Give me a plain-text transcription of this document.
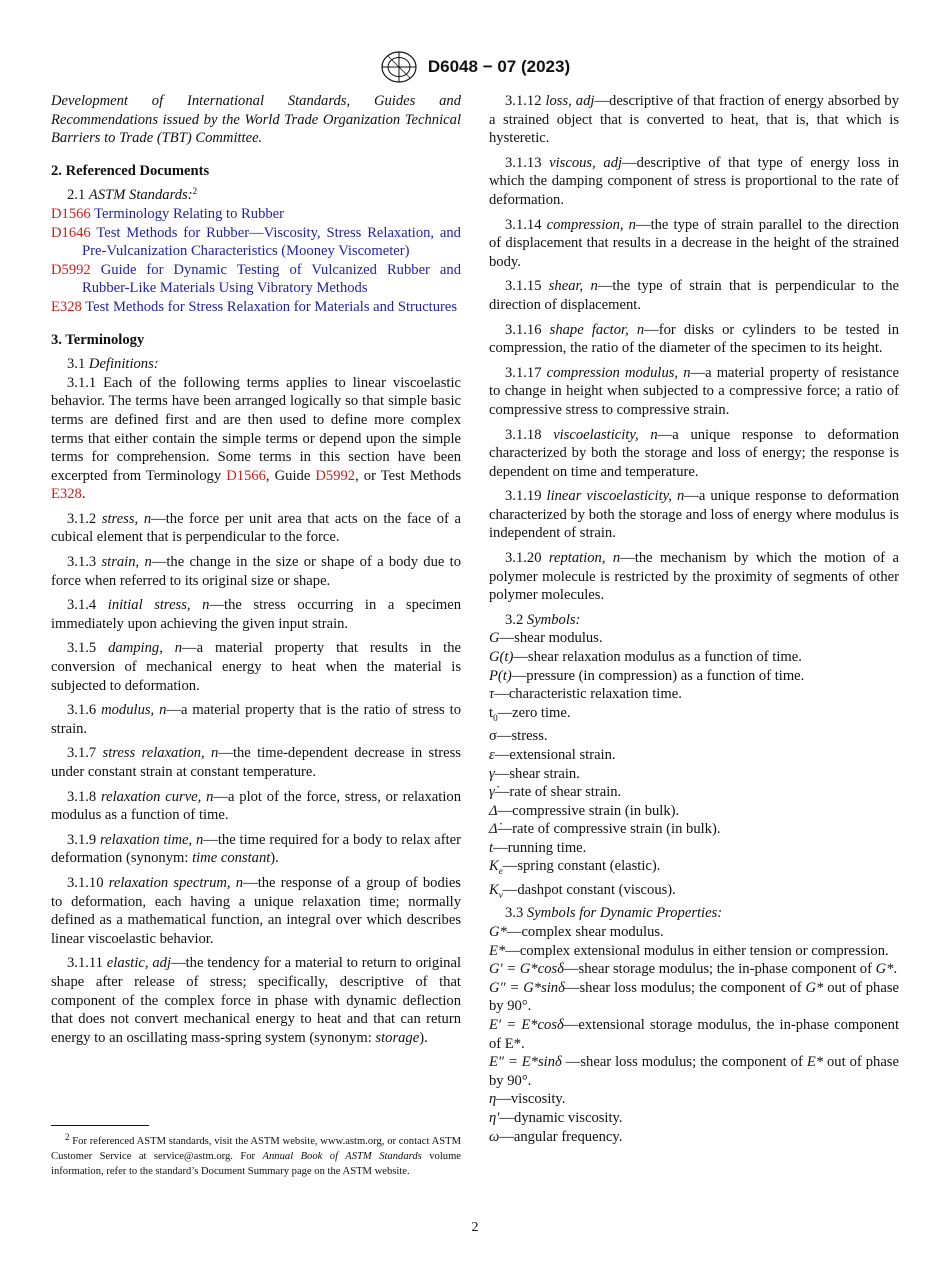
D6048 − 07 (2023)

Development of International Standards, Guides and Recommendations issued by the World Trade Organization Technical Barriers to Trade (TBT) Committee.

2. Referenced Documents

2.1 ASTM Standards:$^2$

D1566 Terminology Relating to Rubber

D1646 Test Methods for Rubber—Viscosity, Stress Relaxation, and Pre-Vulcanization Characteristics (Mooney Viscometer)

D5992 Guide for Dynamic Testing of Vulcanized Rubber and Rubber-Like Materials Using Vibratory Methods

E328 Test Methods for Stress Relaxation for Materials and Structures

3. Terminology

3.1 Definitions:

3.1.1 Each of the following terms applies to linear viscoelastic behavior. The terms have been arranged logically so that simple basic terms are defined first and are then used to define more complex terms that either contain the simple terms or depend upon the simple terms for comprehension. Some terms in this section have been excerpted from Terminology D1566, Guide D5992, or Test Methods E328.

3.1.2 stress, n—the force per unit area that acts on the face of a cubical element that is perpendicular to the force.

3.1.3 strain, n—the change in the size or shape of a body due to force when referred to its original size or shape.

3.1.4 initial stress, n—the stress occurring in a specimen immediately upon achieving the given input strain.

3.1.5 damping, n—a material property that results in the conversion of mechanical energy to heat when the material is subjected to deformation.

3.1.6 modulus, n—a material property that is the ratio of stress to strain.

3.1.7 stress relaxation, n—the time-dependent decrease in stress under constant strain at constant temperature.

3.1.8 relaxation curve, n—a plot of the force, stress, or relaxation modulus as a function of time.

3.1.9 relaxation time, n—the time required for a body to relax after deformation (synonym: time constant).

3.1.10 relaxation spectrum, n—the response of a group of bodies to deformation, each having a unique relaxation time; normally defined as a mathematical function, an integral over which describes linear viscoelastic behavior.

3.1.11 elastic, adj—the tendency for a material to return to original shape after release of stress; specifically, descriptive of that component of the complex force in phase with dynamic deflection that does not convert mechanical energy to heat and that can return energy to an oscillating mass-spring system (synonym: storage).

$^2$ For referenced ASTM standards, visit the ASTM website, www.astm.org, or contact ASTM Customer Service at service@astm.org. For Annual Book of ASTM Standards volume information, refer to the standard’s Document Summary page on the ASTM website.

3.1.12 loss, adj—descriptive of that fraction of energy absorbed by a strained object that is converted to heat, that is, that which is hysteretic.

3.1.13 viscous, adj—descriptive of that type of energy loss in which the damping component of stress is proportional to the rate of deformation.

3.1.14 compression, n—the type of strain parallel to the direction of displacement that results in a decrease in the height of the strained body.

3.1.15 shear, n—the type of strain that is perpendicular to the direction of displacement.

3.1.16 shape factor, n—for disks or cylinders to be tested in compression, the ratio of the diameter of the specimen to its height.

3.1.17 compression modulus, n—a material property of resistance to change in height when subjected to a compressive force; a ratio of compressive stress to compressive strain.

3.1.18 viscoelasticity, n—a unique response to deformation characterized by both the storage and loss of energy; the response is dependent on time and temperature.

3.1.19 linear viscoelasticity, n—a unique response to deformation characterized by both the storage and loss of energy where modulus is independent of strain.

3.1.20 reptation, n—the mechanism by which the motion of a polymer molecule is restricted by the proximity of segments of other polymer molecules.

3.2 Symbols:

G—shear modulus.

G(t)—shear relaxation modulus as a function of time.

P(t)—pressure (in compression) as a function of time.

τ—characteristic relaxation time.

$t_0—zero$ time.

σ—stress.

ε—extensional strain.

γ—shear strain.

γ̇—rate of shear strain.

Δ—compressive strain (in bulk).

Δ̇—rate of compressive strain (in bulk).

t—running time.

$K_e—spring$ constant (elastic).

$K_v—dashpot$ constant (viscous).

3.3 Symbols for Dynamic Properties:

G*—complex shear modulus.

E*—complex extensional modulus in either tension or compression.

G′ = G*cosδ—shear storage modulus; the in-phase component of G*.

G″ = G*sinδ—shear loss modulus; the component of G* out of phase by 90°.

E′ = E*cosδ—extensional storage modulus, the in-phase component of E*.

E″ = E*sinδ —shear loss modulus; the component of E* out of phase by 90°.

η—viscosity.

η′—dynamic viscosity.

ω—angular frequency.

2
